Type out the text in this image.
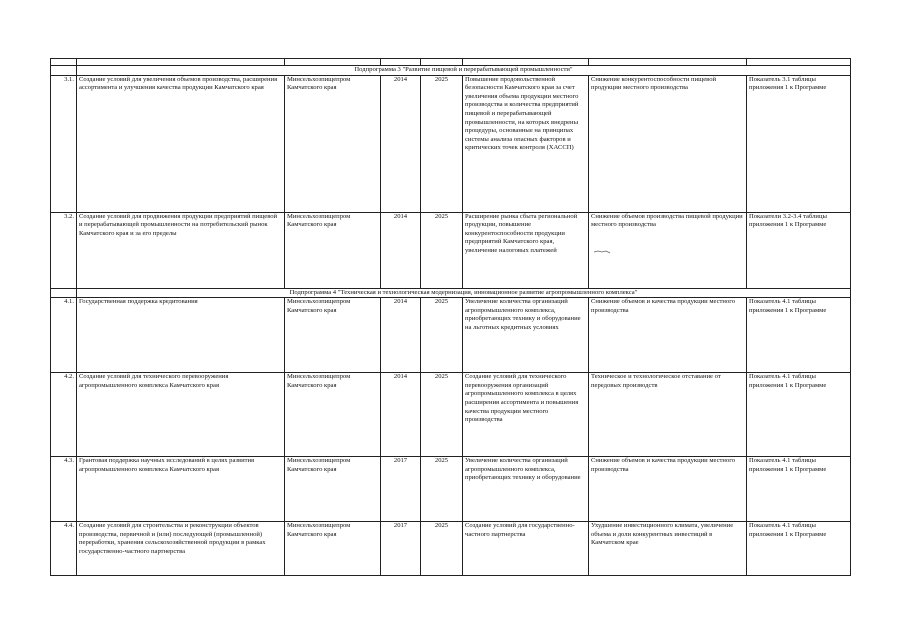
	Подпрограмма 3 "Развитие пищевой и перерабатывающей промышленности"						
3.1.	Создание условий для увеличения объемов производства, расширения ассортимента и улучшения качества продукции Камчатского края	Минсельхозпищепром Камчатского края	2014	2025	Повышение продовольственной безопасности Камчатского края за счет увеличения объема продукции местного производства и количества предприятий пищевой и перерабатывающей промышленности, на которых внедрены процедуры, основанные на принципах системы анализа опасных факторов и критических точек контроля (ХАССП)	Снижение конкурентоспособности пищевой продукции местного производства	Показатель 3.1 таблицы приложения 1 к Программе
3.2.	Создание условий для продвижения продукции предприятий пищевой и перерабатывающей промышленности на потребительский рынок Камчатского края и за его пределы	Минсельхозпищепром Камчатского края	2014	2025	Расширение рынка сбыта региональной продукции, повышение конкурентоспособности продукции предприятий Камчатского края, увеличение налоговых платежей	Снижение объемов производства пищевой продукции местного производства	Показатели 3.2-3.4 таблицы приложения 1 к Программе
	Подпрограмма 4 "Техническая и технологическая модернизация, инновационное развитие агропромышленного комплекса"						
4.1.	Государственная поддержка кредитования	Минсельхозпищепром Камчатского края	2014	2025	Увеличение количества организаций агропромышленного комплекса, приобретающих технику и оборудование на льготных кредитных условиях	Снижение объемов и качества продукции местного производства	Показатель 4.1 таблицы приложения 1 к Программе
4.2.	Создание условий для технического перевооружения агропромышленного комплекса Камчатского края	Минсельхозпищепром Камчатского края	2014	2025	Создание условий для технического перевооружения организаций агропромышленного комплекса в целях расширения ассортимента и повышения качества продукции местного производства	Техническое и технологическое отставание от передовых производств	Показатель 4.1 таблицы приложения 1 к Программе
4.3.	Грантовая поддержка научных исследований в целях развития агропромышленного комплекса Камчатского края	Минсельхозпищепром Камчатского края	2017	2025	Увеличение количества организаций агропромышленного комплекса, приобретающих технику и оборудование	Снижение объемов и качества продукции местного производства	Показатель 4.1 таблицы приложения 1 к Программе
4.4.	Создание условий для строительства и реконструкции объектов производства, первичной и (или) последующей (промышленной) переработки, хранения сельскохозяйственной продукции в рамках государственно-частного партнерства	Минсельхозпищепром Камчатского края	2017	2025	Создание условий для государственно-частного партнерства	Ухудшение инвестиционного климата, увеличение объема и доли конкурентных инвестиций в Камчатском крае	Показатель 4.1 таблицы приложения 1 к Программе
